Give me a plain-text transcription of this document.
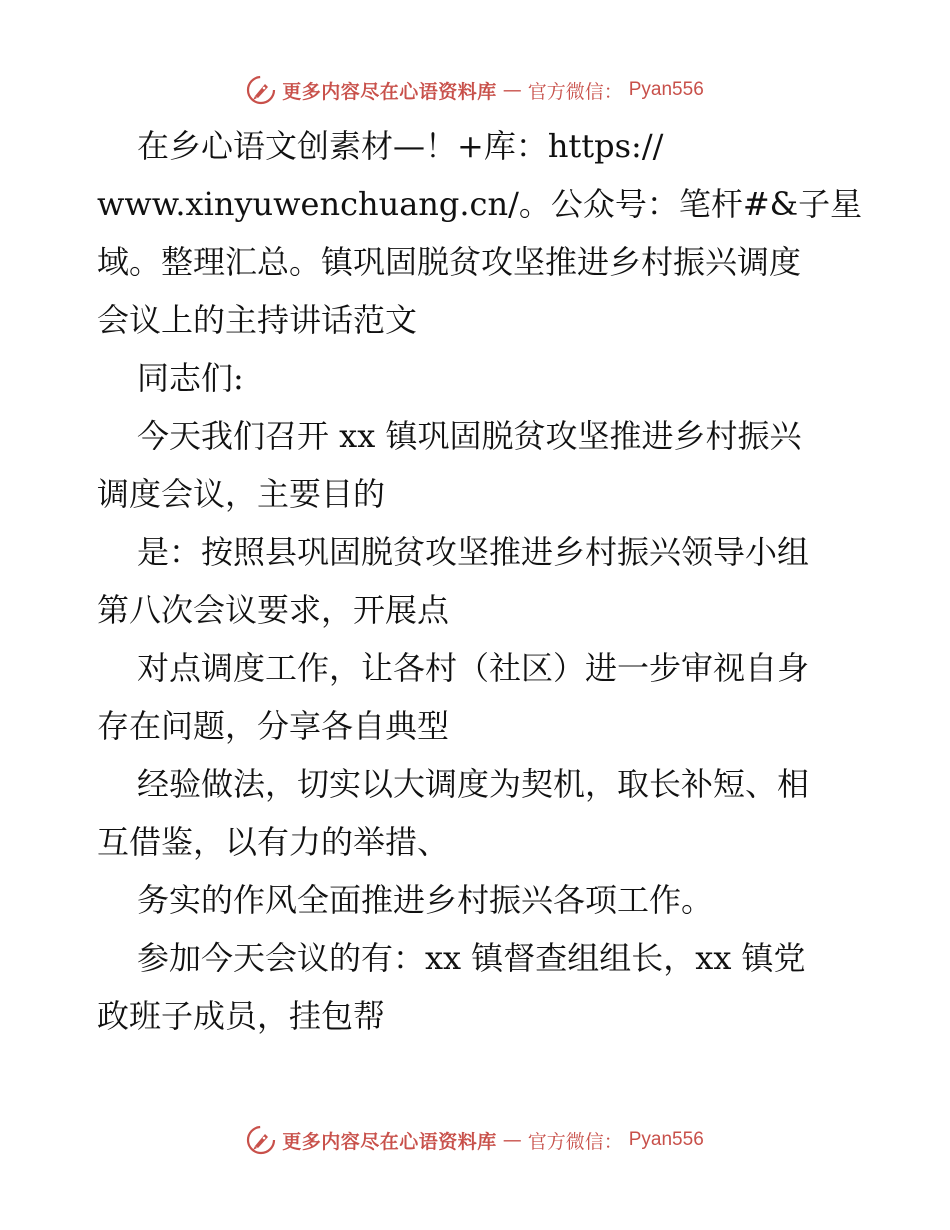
更多内容尽在心语资料库 — 官方微信： Pyan556
在乡心语文创素材—！+库：https://
www.xinyuwenchuang.cn/。公众号：笔杆#&子星
域。整理汇总。镇巩固脱贫攻坚推进乡村振兴调度
会议上的主持讲话范文
同志们:
今天我们召开 xx 镇巩固脱贫攻坚推进乡村振兴
调度会议，主要目的
是：按照县巩固脱贫攻坚推进乡村振兴领导小组
第八次会议要求，开展点
对点调度工作，让各村（社区）进一步审视自身
存在问题，分享各自典型
经验做法，切实以大调度为契机，取长补短、相
互借鉴，以有力的举措、
务实的作风全面推进乡村振兴各项工作。
参加今天会议的有：xx 镇督查组组长，xx 镇党
政班子成员，挂包帮
更多内容尽在心语资料库 — 官方微信： Pyan556
